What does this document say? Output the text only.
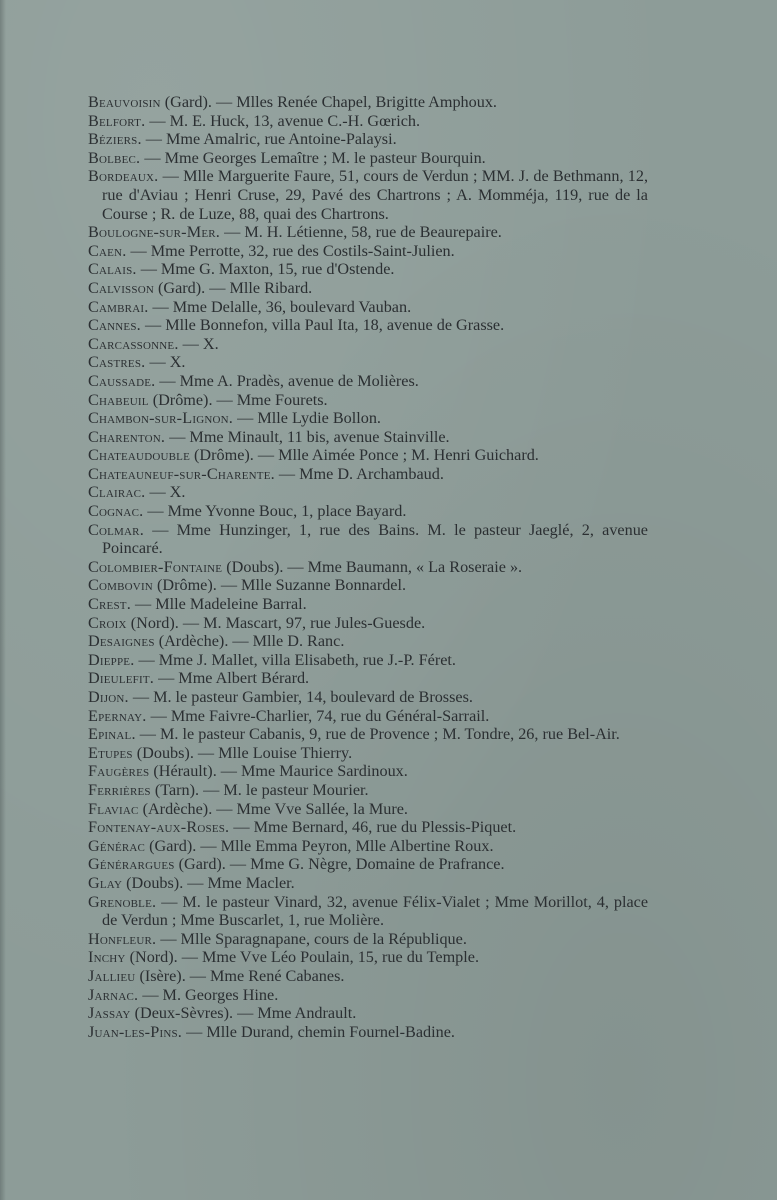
Beauvoisin (Gard). — Mlles Renée Chapel, Brigitte Amphoux.
Belfort. — M. E. Huck, 13, avenue C.-H. Gœrich.
Béziers. — Mme Amalric, rue Antoine-Palaysi.
Bolbec. — Mme Georges Lemaître ; M. le pasteur Bourquin.
Bordeaux. — Mlle Marguerite Faure, 51, cours de Verdun ; MM. J. de Bethmann, 12, rue d'Aviau ; Henri Cruse, 29, Pavé des Chartrons ; A. Momméja, 119, rue de la Course ; R. de Luze, 88, quai des Chartrons.
Boulogne-sur-Mer. — M. H. Létienne, 58, rue de Beaurepaire.
Caen. — Mme Perrotte, 32, rue des Costils-Saint-Julien.
Calais. — Mme G. Maxton, 15, rue d'Ostende.
Calvisson (Gard). — Mlle Ribard.
Cambrai. — Mme Delalle, 36, boulevard Vauban.
Cannes. — Mlle Bonnefon, villa Paul Ita, 18, avenue de Grasse.
Carcassonne. — X.
Castres. — X.
Caussade. — Mme A. Pradès, avenue de Molières.
Chabeuil (Drôme). — Mme Fourets.
Chambon-sur-Lignon. — Mlle Lydie Bollon.
Charenton. — Mme Minault, 11 bis, avenue Stainville.
Chateaudouble (Drôme). — Mlle Aimée Ponce ; M. Henri Guichard.
Chateauneuf-sur-Charente. — Mme D. Archambaud.
Clairac. — X.
Cognac. — Mme Yvonne Bouc, 1, place Bayard.
Colmar. — Mme Hunzinger, 1, rue des Bains. M. le pasteur Jaeglé, 2, avenue Poincaré.
Colombier-Fontaine (Doubs). — Mme Baumann, « La Roseraie ».
Combovin (Drôme). — Mlle Suzanne Bonnardel.
Crest. — Mlle Madeleine Barral.
Croix (Nord). — M. Mascart, 97, rue Jules-Guesde.
Desaignes (Ardèche). — Mlle D. Ranc.
Dieppe. — Mme J. Mallet, villa Elisabeth, rue J.-P. Féret.
Dieulefit. — Mme Albert Bérard.
Dijon. — M. le pasteur Gambier, 14, boulevard de Brosses.
Epernay. — Mme Faivre-Charlier, 74, rue du Général-Sarrail.
Epinal. — M. le pasteur Cabanis, 9, rue de Provence ; M. Tondre, 26, rue Bel-Air.
Etupes (Doubs). — Mlle Louise Thierry.
Faugères (Hérault). — Mme Maurice Sardinoux.
Ferrières (Tarn). — M. le pasteur Mourier.
Flaviac (Ardèche). — Mme Vve Sallée, la Mure.
Fontenay-aux-Roses. — Mme Bernard, 46, rue du Plessis-Piquet.
Générac (Gard). — Mlle Emma Peyron, Mlle Albertine Roux.
Générargues (Gard). — Mme G. Nègre, Domaine de Prafrance.
Glay (Doubs). — Mme Macler.
Grenoble. — M. le pasteur Vinard, 32, avenue Félix-Vialet ; Mme Morillot, 4, place de Verdun ; Mme Buscarlet, 1, rue Molière.
Honfleur. — Mlle Sparagnapane, cours de la République.
Inchy (Nord). — Mme Vve Léo Poulain, 15, rue du Temple.
Jallieu (Isère). — Mme René Cabanes.
Jarnac. — M. Georges Hine.
Jassay (Deux-Sèvres). — Mme Andrault.
Juan-les-Pins. — Mlle Durand, chemin Fournel-Badine.
